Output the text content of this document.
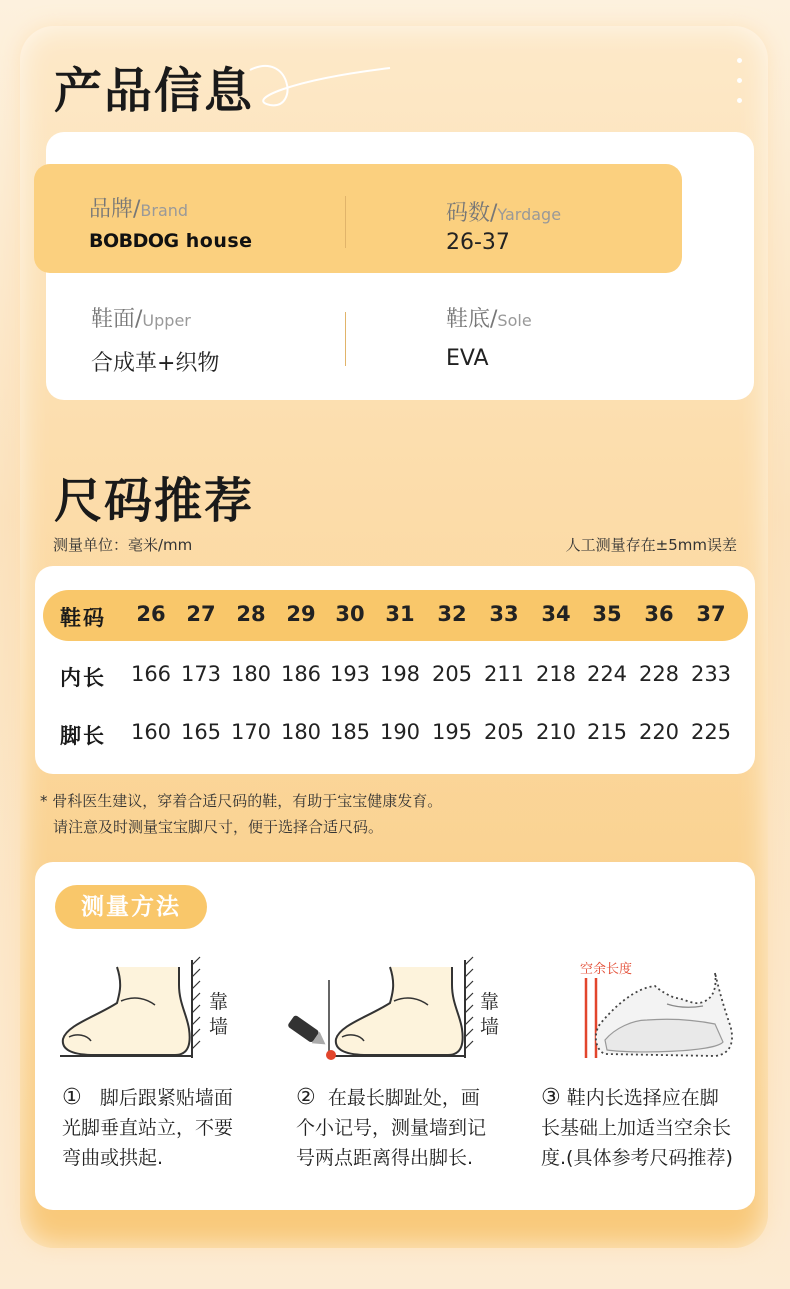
产品信息
品牌/Brand
BOBDOG house
码数/Yardage
26-37
鞋面/Upper
合成革+织物
鞋底/Sole
EVA
尺码推荐
测量单位：毫米/mm	人工测量存在±5mm误差
鞋码	26 27 28 29 30 31	32	33	34	35	36	37
内长 166 173 180 186 193 198 205 211 218 224 228 233
脚长 160 165 170 180 185 190 195 205 210 215 220 225
* 骨科医生建议，穿着合适尺码的鞋，有助于宝宝健康发育。
请注意及时测量宝宝脚尺寸，便于选择合适尺码。
测量方法
靠
墙
靠
墙
空余长度
① 脚后跟紧贴墙面
光脚垂直站立，不要
弯曲或拱起.
② 在最长脚趾处，画
个小记号，测量墙到记
号两点距离得出脚长.
③ 鞋内长选择应在脚
长基础上加适当空余长
度.(具体参考尺码推荐)
